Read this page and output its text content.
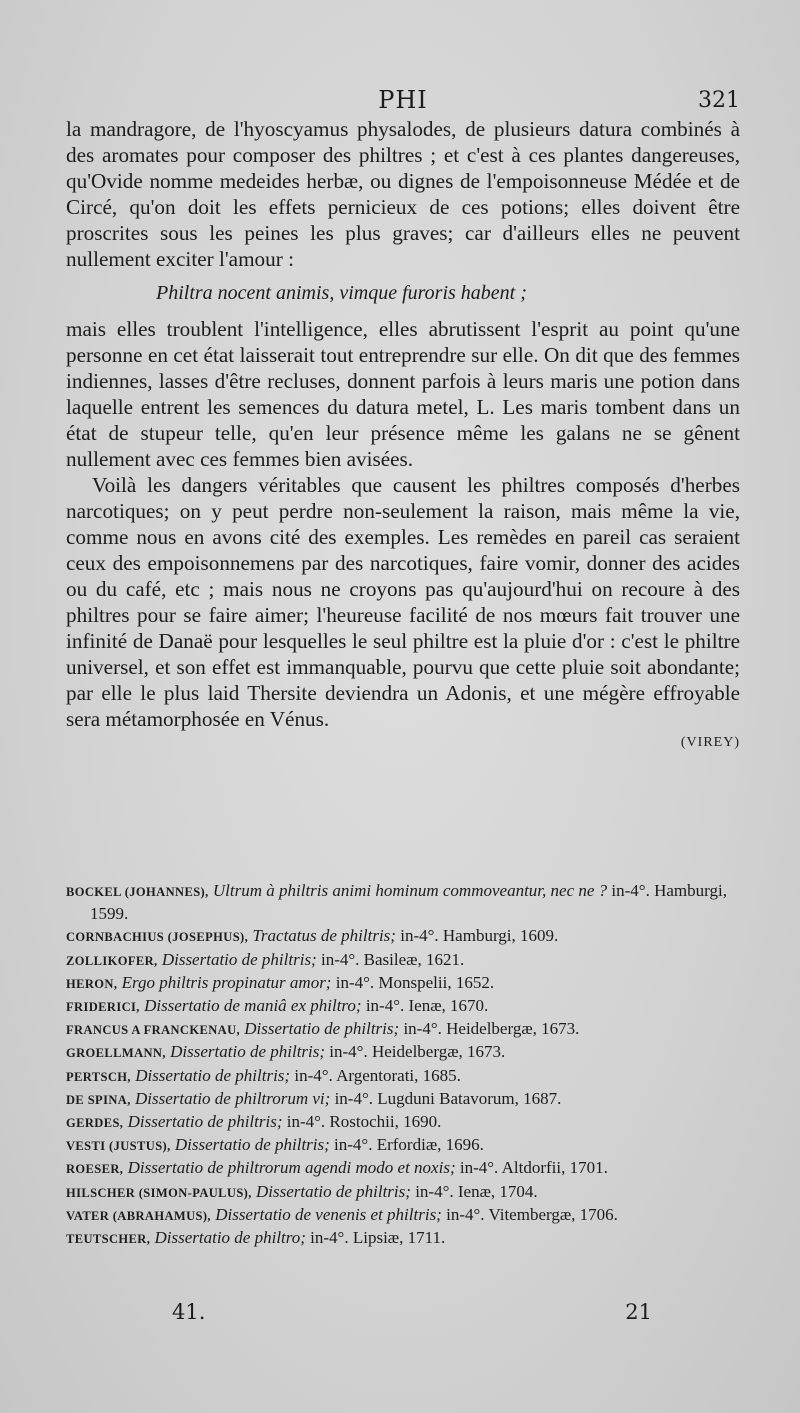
PHI	321

la mandragore, de l'hyoscyamus physalodes, de plusieurs datura combinés à des aromates pour composer des philtres ; et c'est à ces plantes dangereuses, qu'Ovide nomme medeides herbæ, ou dignes de l'empoisonneuse Médée et de Circé, qu'on doit les effets pernicieux de ces potions; elles doivent être proscrites sous les peines les plus graves; car d'ailleurs elles ne peuvent nullement exciter l'amour :

Philtra nocent animis, vimque furoris habent ;

mais elles troublent l'intelligence, elles abrutissent l'esprit au point qu'une personne en cet état laisserait tout entreprendre sur elle. On dit que des femmes indiennes, lasses d'être recluses, donnent parfois à leurs maris une potion dans laquelle entrent les semences du datura metel, L. Les maris tombent dans un état de stupeur telle, qu'en leur présence même les galans ne se gênent nullement avec ces femmes bien avisées.

Voilà les dangers véritables que causent les philtres composés d'herbes narcotiques; on y peut perdre non-seulement la raison, mais même la vie, comme nous en avons cité des exemples. Les remèdes en pareil cas seraient ceux des empoisonnemens par des narcotiques, faire vomir, donner des acides ou du café, etc ; mais nous ne croyons pas qu'aujourd'hui on recoure à des philtres pour se faire aimer; l'heureuse facilité de nos mœurs fait trouver une infinité de Danaë pour lesquelles le seul philtre est la pluie d'or : c'est le philtre universel, et son effet est immanquable, pourvu que cette pluie soit abondante; par elle le plus laid Thersite deviendra un Adonis, et une mégère effroyable sera métamorphosée en Vénus.

(VIREY)
BOCKEL (JOHANNES), Ultrum à philtris animi hominum commoveantur, nec ne ? in-4°. Hamburgi, 1599.
CORNBACHIUS (JOSEPHUS), Tractatus de philtris; in-4°. Hamburgi, 1609.
ZOLLIKOFER, Dissertatio de philtris; in-4°. Basileæ, 1621.
HERON, Ergo philtris propinatur amor; in-4°. Monspelii, 1652.
FRIDERICI, Dissertatio de maniâ ex philtro; in-4°. Ienæ, 1670.
FRANCUS A FRANCKENAU, Dissertatio de philtris; in-4°. Heidelbergæ, 1673.
GROELLMANN, Dissertatio de philtris; in-4°. Heidelbergæ, 1673.
PERTSCH, Dissertatio de philtris; in-4°. Argentorati, 1685.
DE SPINA, Dissertatio de philtrorum vi; in-4°. Lugduni Batavorum, 1687.
GERDES, Dissertatio de philtris; in-4°. Rostochii, 1690.
VESTI (JUSTUS), Dissertatio de philtris; in-4°. Erfordiæ, 1696.
ROESER, Dissertatio de philtrorum agendi modo et noxis; in-4°. Altdorfii, 1701.
HILSCHER (SIMON-PAULUS), Dissertatio de philtris; in-4°. Ienæ, 1704.
VATER (ABRAHAMUS), Dissertatio de venenis et philtris; in-4°. Vitembergæ, 1706.
TEUTSCHER, Dissertatio de philtro; in-4°. Lipsiæ, 1711.
41.	21
